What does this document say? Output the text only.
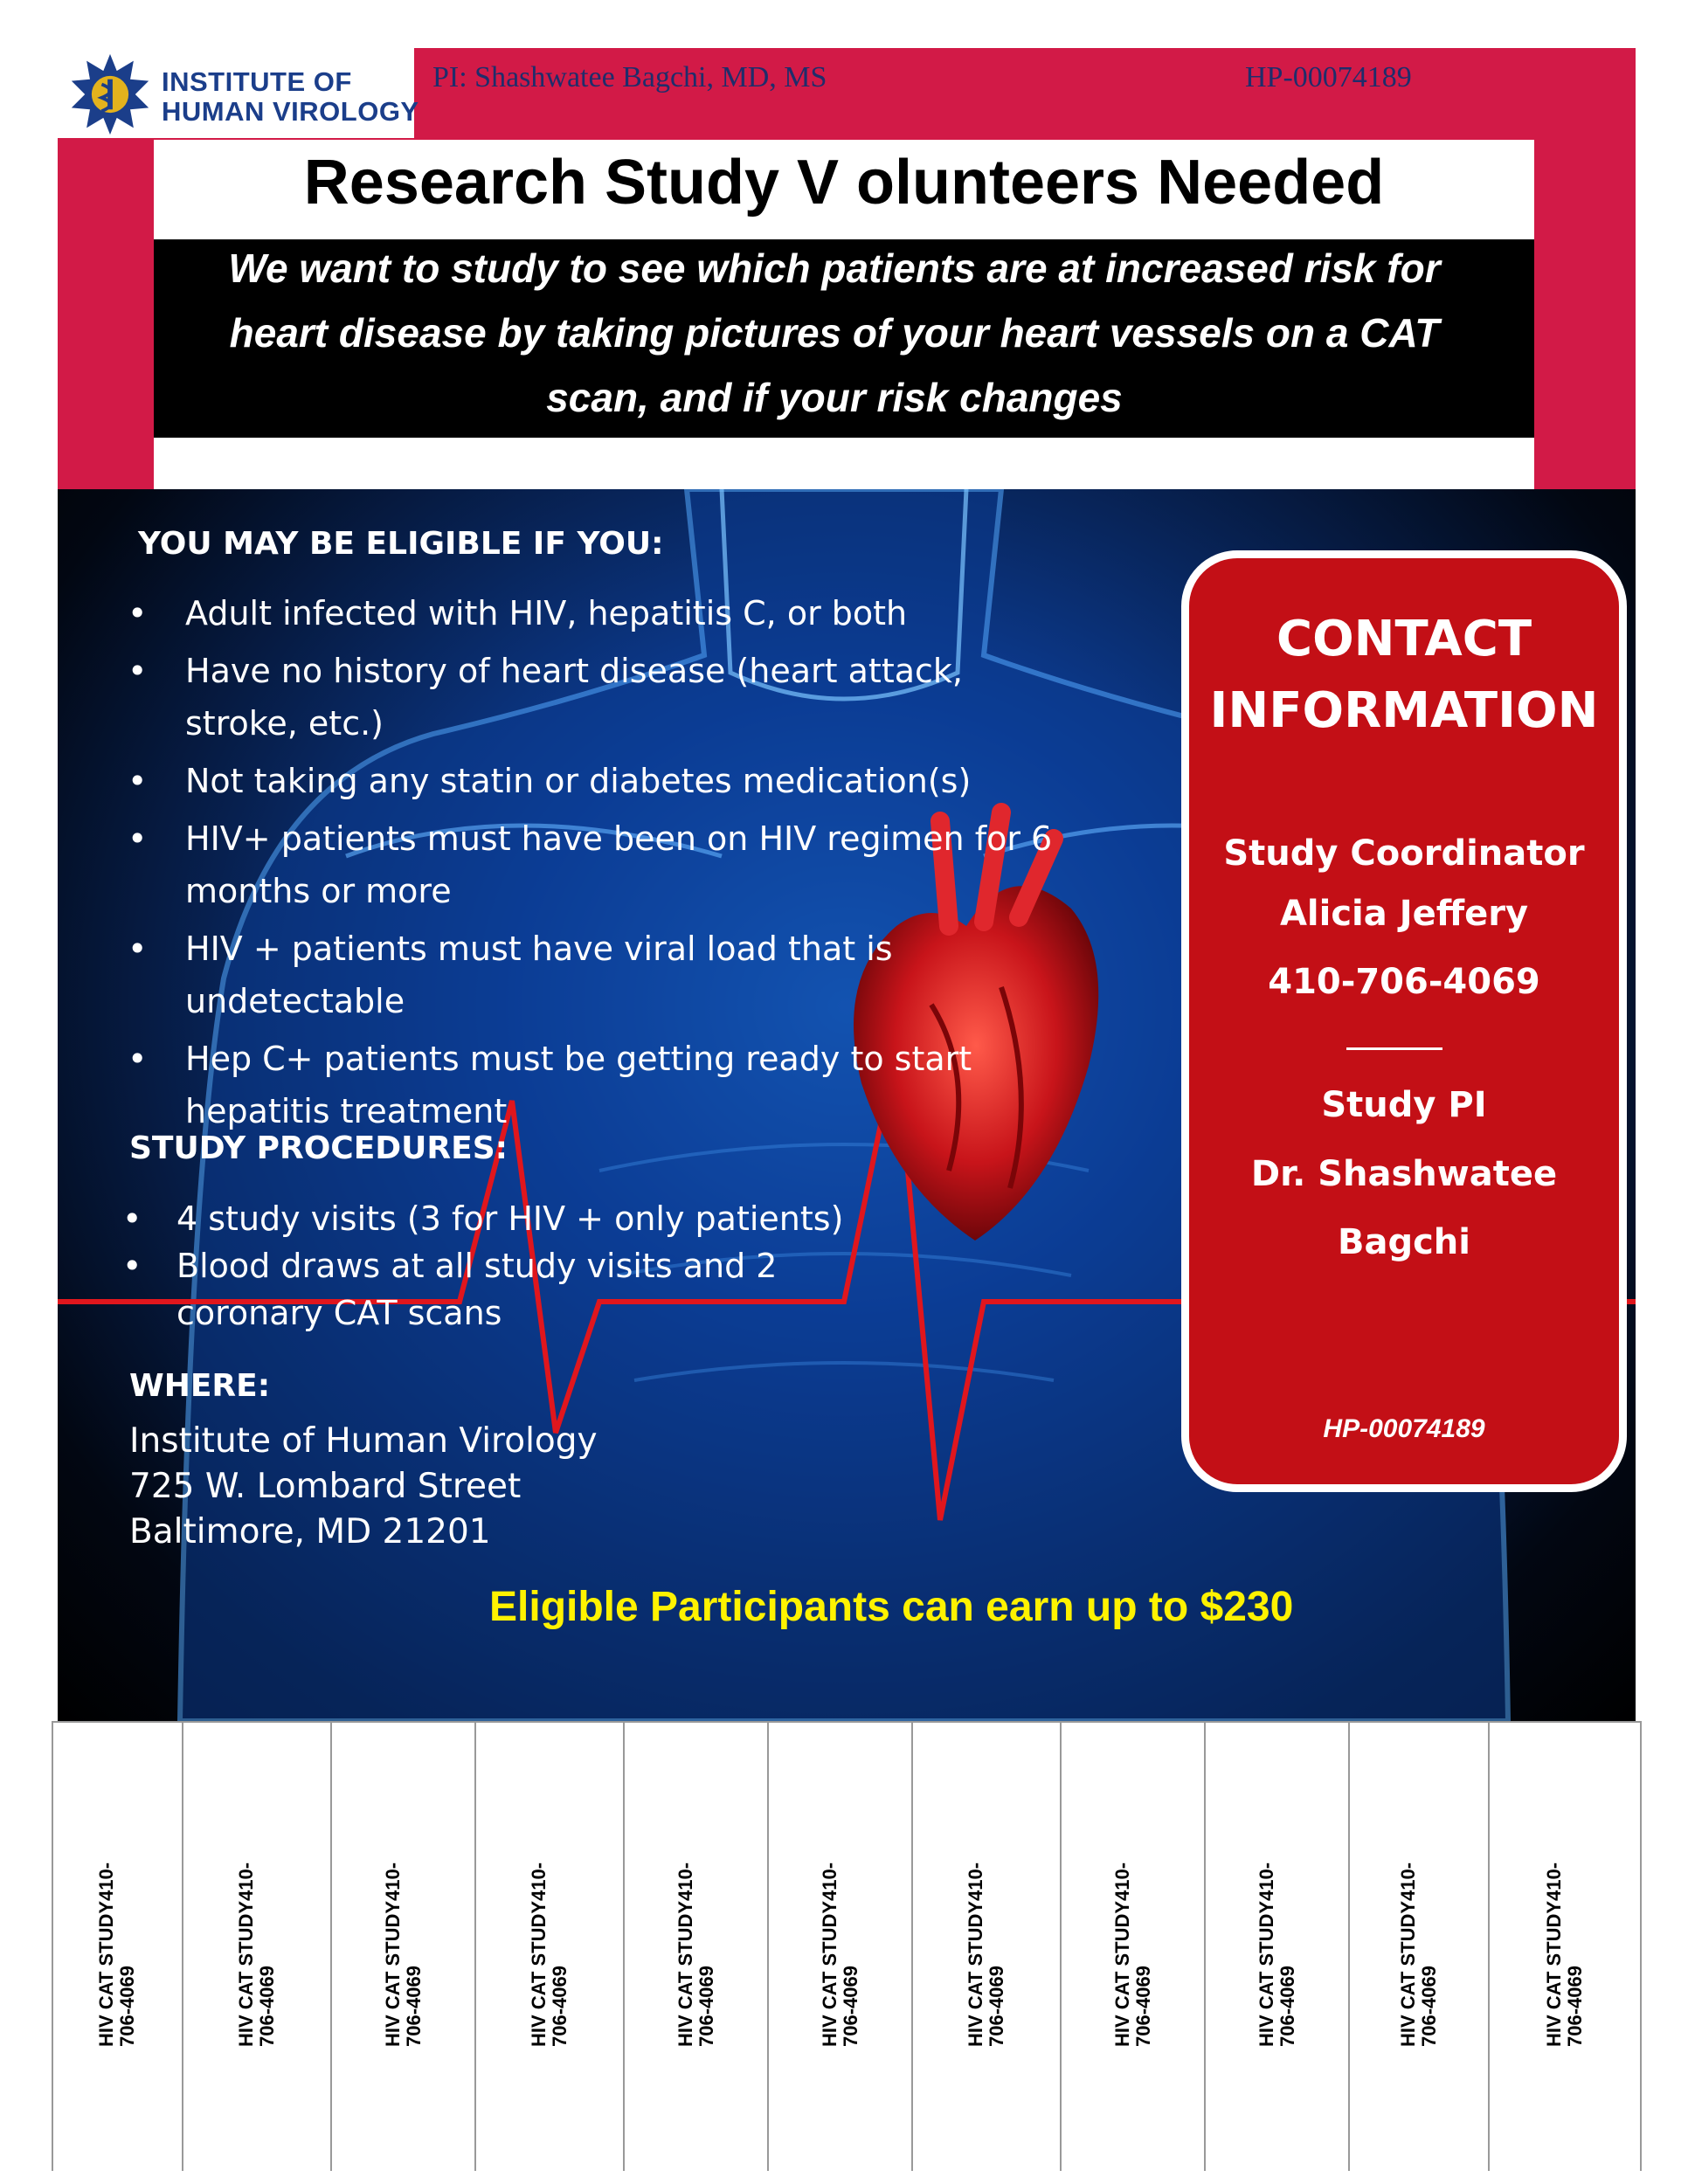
INSTITUTE OF
HUMAN VIROLOGY
PI: Shashwatee Bagchi, MD, MS	HP-00074189
Research Study V olunteers Needed
We want to study to see which patients are at increased risk for heart disease by taking pictures of your heart vessels on a CAT scan, and if your risk changes
YOU MAY BE ELIGIBLE IF YOU:
• Adult infected with HIV, hepatitis C, or both
• Have no history of heart disease (heart attack, stroke, etc.)
• Not taking any statin or diabetes medication(s)
• HIV+ patients must have been on HIV regimen for 6 months or more
• HIV + patients must have viral load that is undetectable
• Hep C+ patients must be getting ready to start hepatitis treatment
STUDY PROCEDURES:
• 4 study visits (3 for HIV + only patients)
• Blood draws at all study visits and 2 coronary CAT scans
WHERE:
Institute of Human Virology
725 W. Lombard Street
Baltimore, MD 21201
Eligible Participants can earn up to $230
CONTACT
INFORMATION
Study Coordinator
Alicia Jeffery
410-706-4069
Study PI
Dr. Shashwatee
Bagchi
HP-00074189
HIV CAT STUDY410-706-4069	HIV CAT STUDY410-706-4069	HIV CAT STUDY410-706-4069	HIV CAT STUDY410-706-4069	HIV CAT STUDY410-706-4069	HIV CAT STUDY410-706-4069	HIV CAT STUDY410-706-4069	HIV CAT STUDY410-706-4069	HIV CAT STUDY410-706-4069	HIV CAT STUDY410-706-4069	HIV CAT STUDY410-706-4069
